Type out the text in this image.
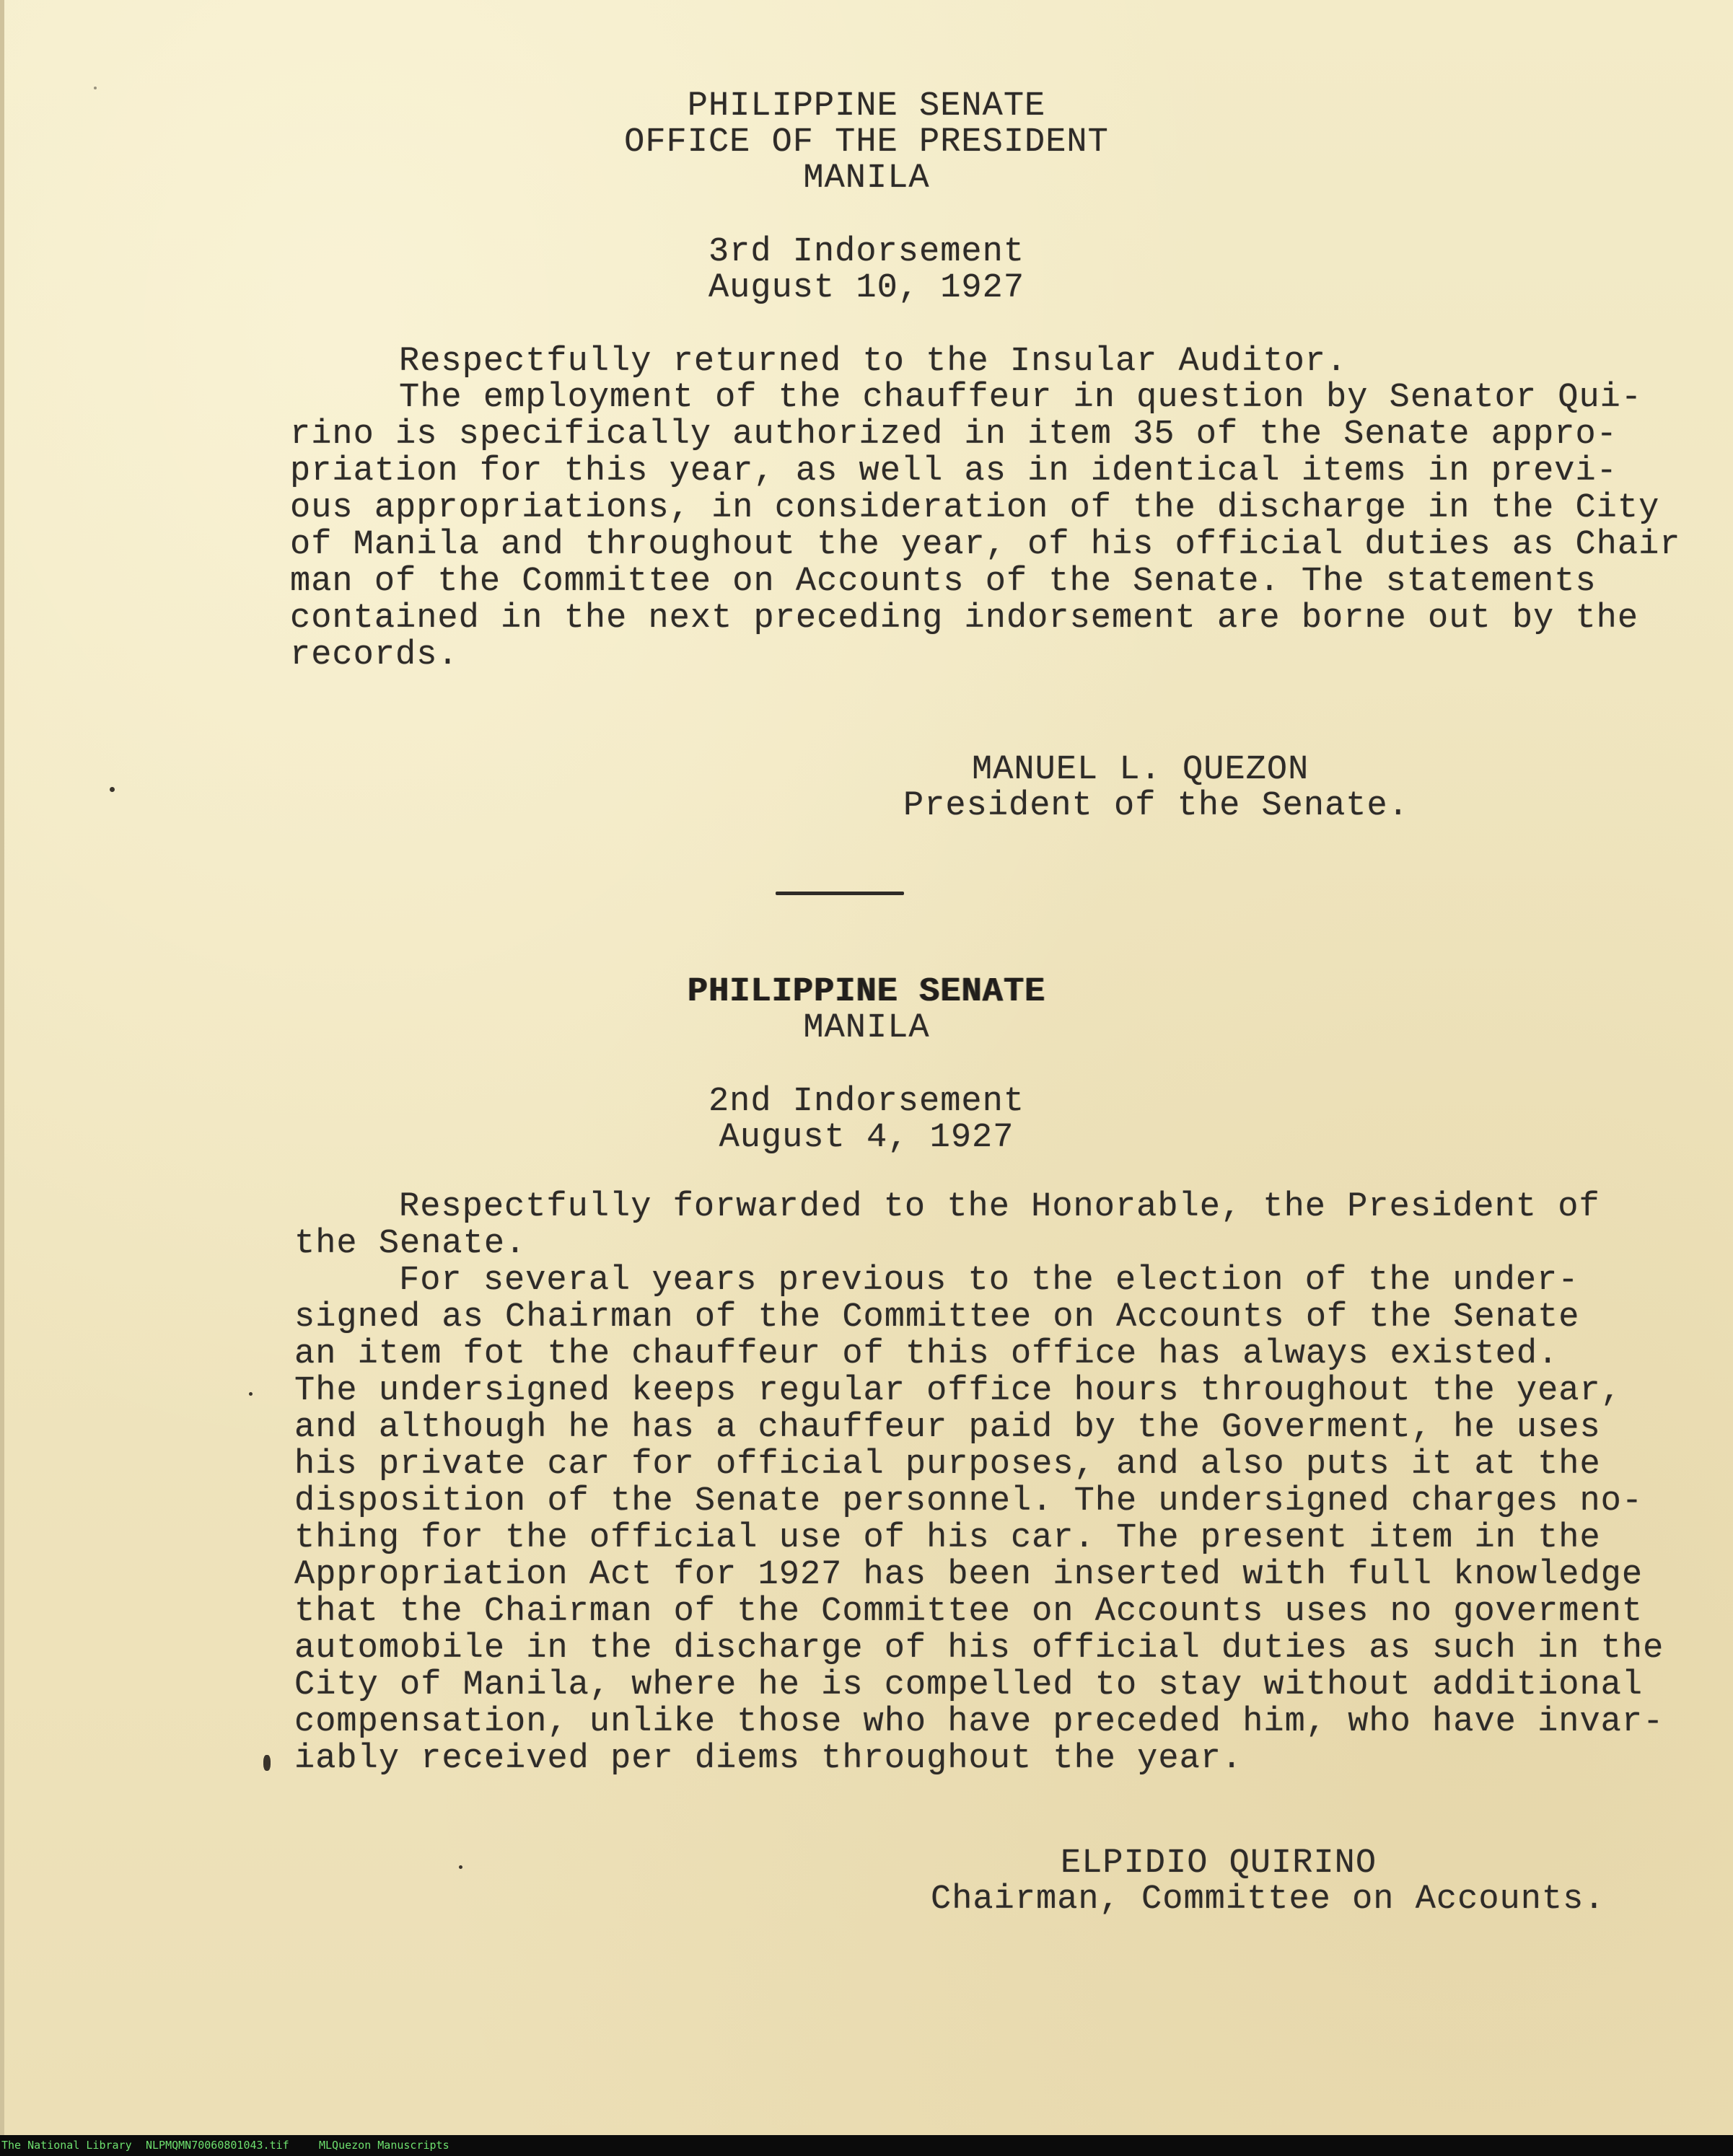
PHILIPPINE SENATE
OFFICE OF THE PRESIDENT
MANILA
3rd Indorsement
August 10, 1927
Respectfully returned to the Insular Auditor.
The employment of the chauffeur in question by Senator Qui-
rino is specifically authorized in item 35 of the Senate appro-
priation for this year, as well as in identical items in previ-
ous appropriations, in consideration of the discharge in the City
of Manila and throughout the year, of his official duties as Chair
man of the Committee on Accounts of the Senate. The statements
contained in the next preceding indorsement are borne out by the
records.
MANUEL L. QUEZON
President of the Senate.
PHILIPPINE SENATE
MANILA
2nd Indorsement
August 4, 1927
Respectfully forwarded to the Honorable, the President of
the Senate.
For several years previous to the election of the under-
signed as Chairman of the Committee on Accounts of the Senate
an item fot the chauffeur of this office has always existed.
The undersigned keeps regular office hours throughout the year,
and although he has a chauffeur paid by the Goverment, he uses
his private car for official purposes, and also puts it at the
disposition of the Senate personnel. The undersigned charges no-
thing for the official use of his car. The present item in the
Appropriation Act for 1927 has been inserted with full knowledge
that the Chairman of the Committee on Accounts uses no goverment
automobile in the discharge of his official duties as such in the
City of Manila, where he is compelled to stay without additional
compensation, unlike those who have preceded him, who have invar-
iably received per diems throughout the year.
ELPIDIO QUIRINO
Chairman, Committee on Accounts.

The National Library

NLPMQMN70060801043.tif

	MLQuezon Manuscripts
